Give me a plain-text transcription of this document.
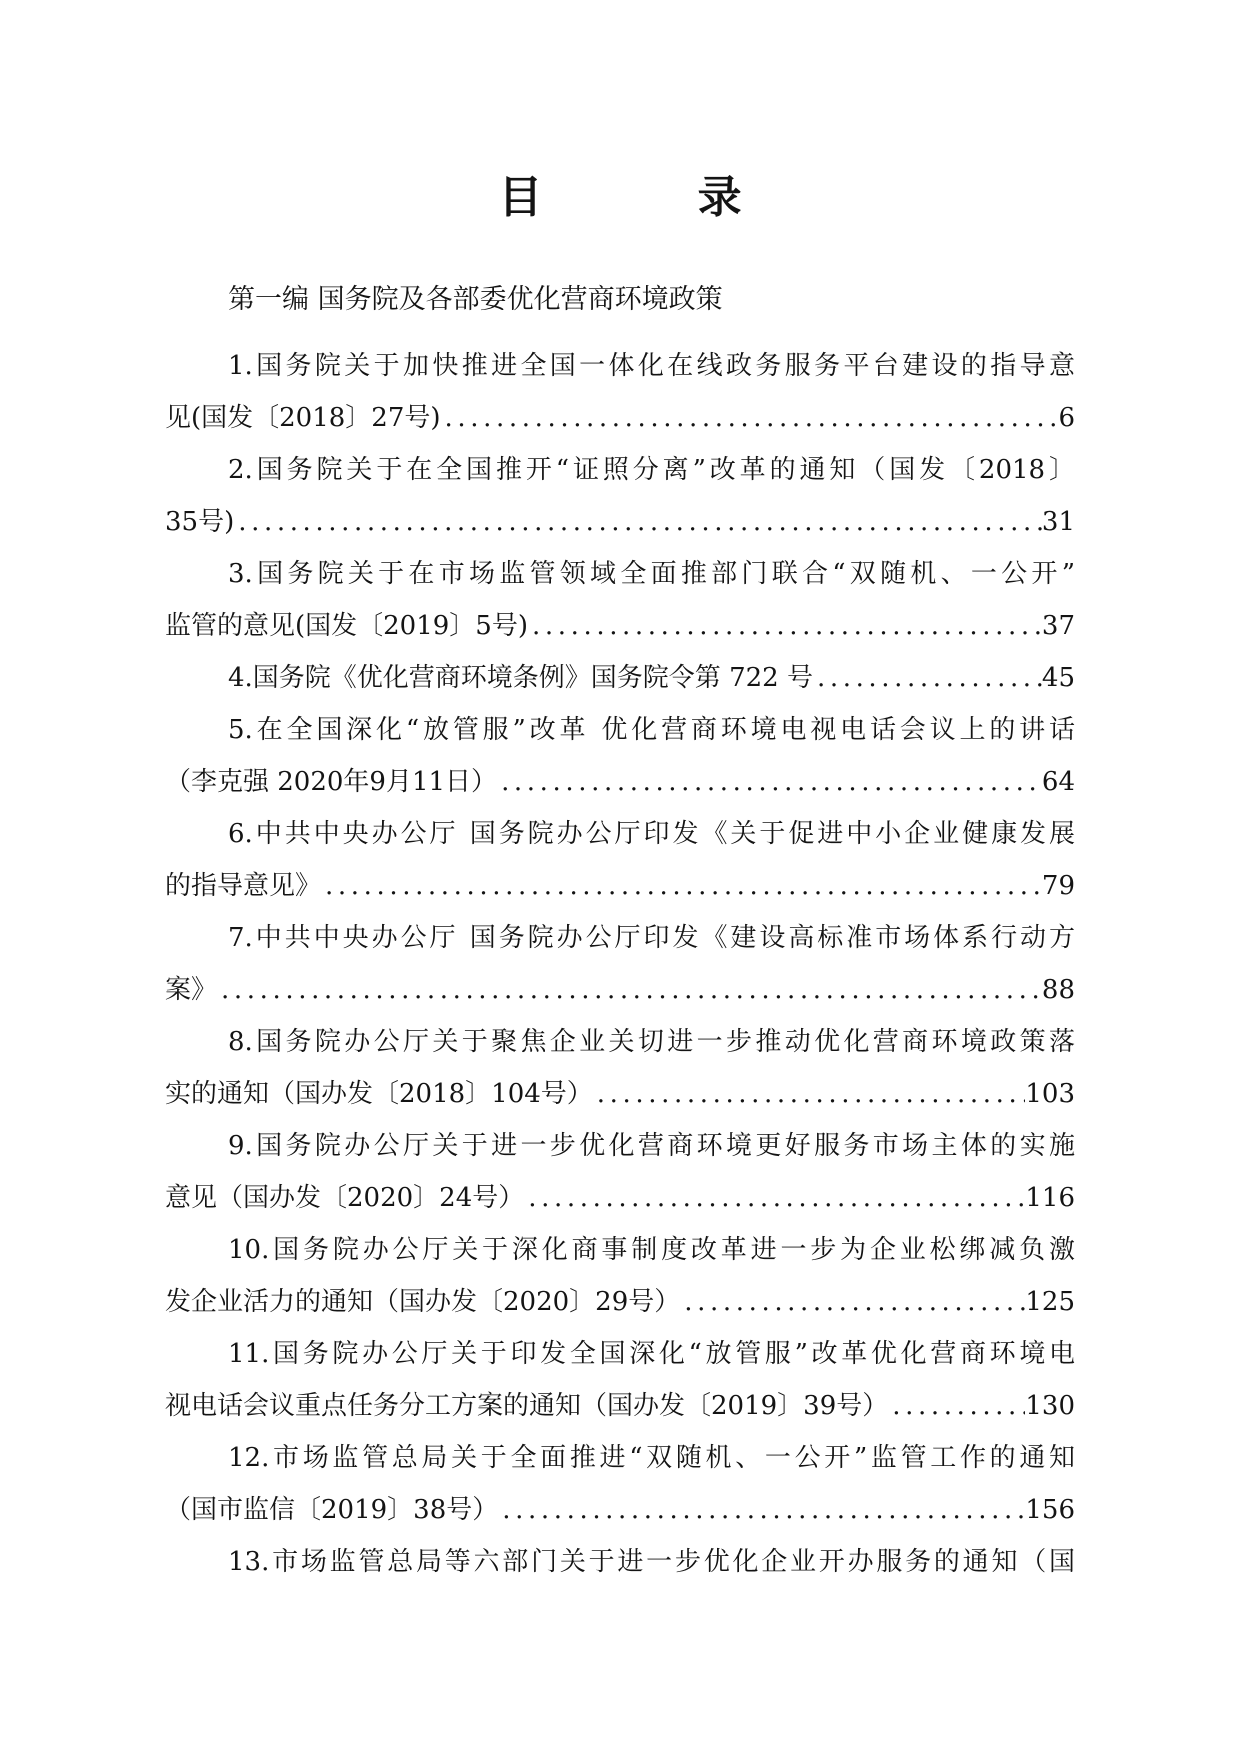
目 录
第一编 国务院及各部委优化营商环境政策
1.国务院关于加快推进全国一体化在线政务服务平台建设的指导意
见(国发〔2018〕27号) .....	6
2.国务院关于在全国推开“证照分离”改革的通知（国发〔2018〕
35号) .....	31
3.国务院关于在市场监管领域全面推部门联合“双随机、一公开”
监管的意见(国发〔2019〕5号) .....	37
4.国务院《优化营商环境条例》国务院令第 722 号 .....	45
5.在全国深化“放管服”改革 优化营商环境电视电话会议上的讲话
（李克强 2020年9月11日） .....	64
6.中共中央办公厅 国务院办公厅印发《关于促进中小企业健康发展
的指导意见》 .....	79
7.中共中央办公厅 国务院办公厅印发《建设高标准市场体系行动方
案》 .....	88
8.国务院办公厅关于聚焦企业关切进一步推动优化营商环境政策落
实的通知（国办发〔2018〕104号） .....	103
9.国务院办公厅关于进一步优化营商环境更好服务市场主体的实施
意见（国办发〔2020〕24号） .....	116
10.国务院办公厅关于深化商事制度改革进一步为企业松绑减负激
发企业活力的通知（国办发〔2020〕29号） .....	125
11.国务院办公厅关于印发全国深化“放管服”改革优化营商环境电
视电话会议重点任务分工方案的通知（国办发〔2019〕39号） .....	130
12.市场监管总局关于全面推进“双随机、一公开”监管工作的通知
（国市监信〔2019〕38号） .....	156
13.市场监管总局等六部门关于进一步优化企业开办服务的通知（国
